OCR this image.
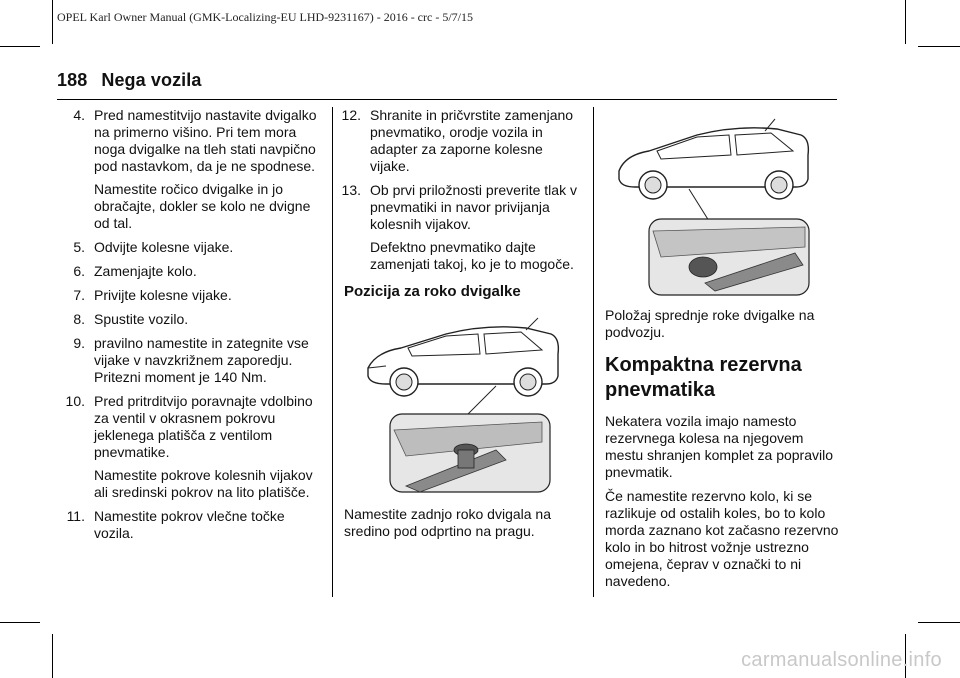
OPEL Karl Owner Manual (GMK-Localizing-EU LHD-9231167) - 2016 - crc - 5/7/15
188 Nega vozila
4. Pred namestitvijo nastavite dvigalko na primerno višino. Pri tem mora noga dvigalke na tleh stati navpično pod nastavkom, da je ne spodnese.
Namestite ročico dvigalke in jo obračajte, dokler se kolo ne dvigne od tal.
5. Odvijte kolesne vijake.
6. Zamenjajte kolo.
7. Privijte kolesne vijake.
8. Spustite vozilo.
9. pravilno namestite in zategnite vse vijake v navzkrižnem zaporedju. Pritezni moment je 140 Nm.
10. Pred pritrditvijo poravnajte vdolbino za ventil v okrasnem pokrovu jeklenega platišča z ventilom pnevmatike.
Namestite pokrove kolesnih vijakov ali sredinski pokrov na lito platišče.
11. Namestite pokrov vlečne točke vozila.
12. Shranite in pričvrstite zamenjano pnevmatiko, orodje vozila in adapter za zaporne kolesne vijake.
13. Ob prvi priložnosti preverite tlak v pnevmatiki in navor privijanja kolesnih vijakov.
Defektno pnevmatiko dajte zamenjati takoj, ko je to mogoče.
Pozicija za roko dvigalke
Namestite zadnjo roko dvigala na sredino pod odprtino na pragu.
Položaj sprednje roke dvigalke na podvozju.
Kompaktna rezervna pnevmatika
Nekatera vozila imajo namesto rezervnega kolesa na njegovem mestu shranjen komplet za popravilo pnevmatik.
Če namestite rezervno kolo, ki se razlikuje od ostalih koles, bo to kolo morda zaznano kot začasno rezervno kolo in bo hitrost vožnje ustrezno omejena, čeprav v označki to ni navedeno.
carmanualsonline.info
